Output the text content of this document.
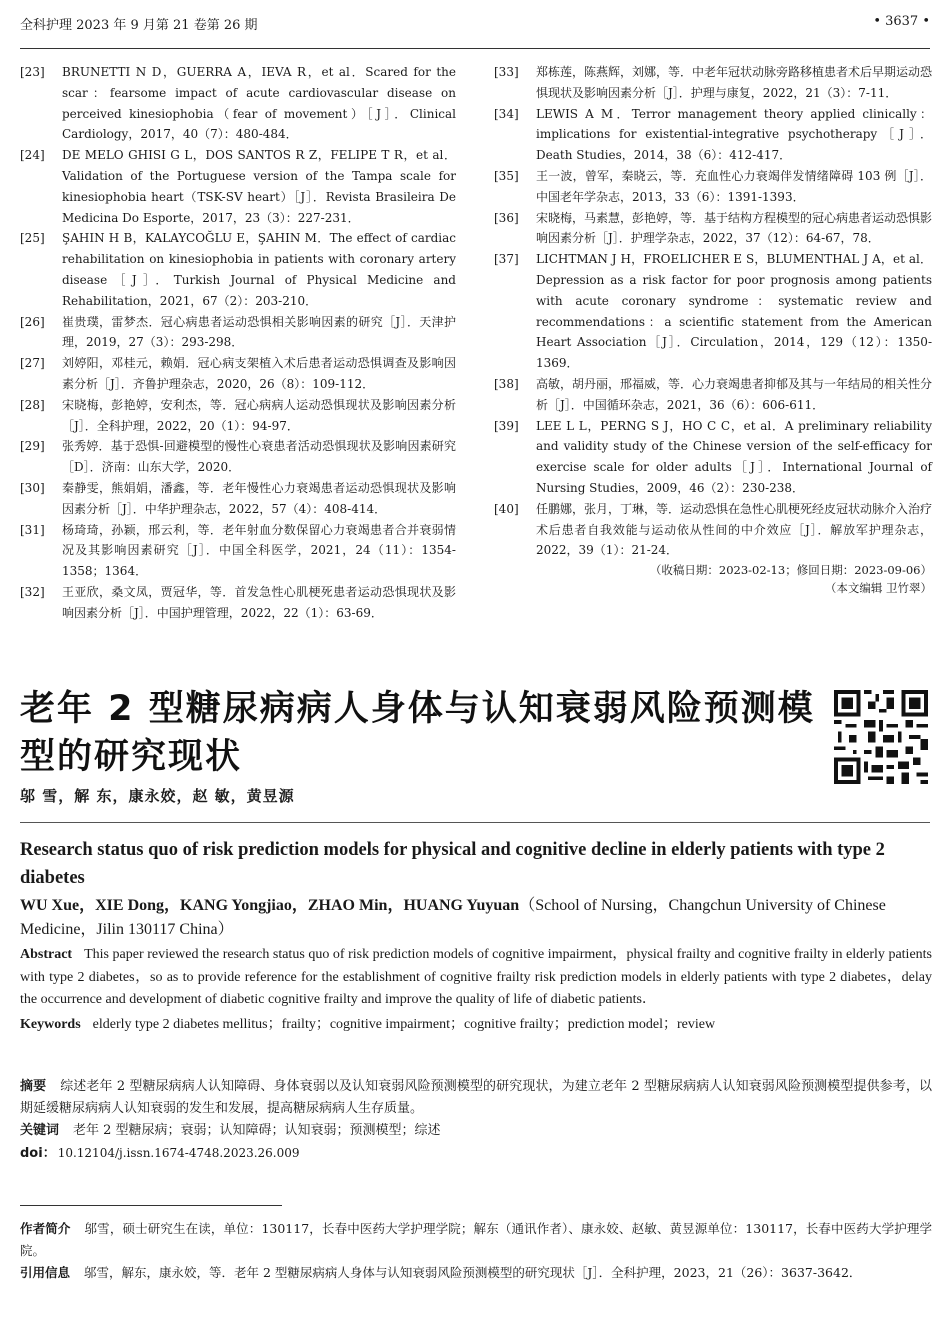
全科护理 2023 年 9 月第 21 卷第 26 期	• 3637 •
[23] BRUNETTI N D，GUERRA A，IEVA R，et al．Scared for the scar：fearsome impact of acute cardiovascular disease on perceived kinesiophobia（fear of movement）［J］．Clinical Cardiology，2017，40（7）：480-484．
[24] DE MELO GHISI G L，DOS SANTOS R Z，FELIPE T R，et al．Validation of the Portuguese version of the Tampa scale for kinesiophobia heart（TSK-SV heart）［J］．Revista Brasileira De Medicina Do Esporte，2017，23（3）：227-231．
[25] ŞAHIN H B，KALAYCOĞLU E，ŞAHIN M．The effect of cardiac rehabilitation on kinesiophobia in patients with coronary artery disease［J］．Turkish Journal of Physical Medicine and Rehabilitation，2021，67（2）：203-210．
[26] 崔贵璞，雷梦杰．冠心病患者运动恐惧相关影响因素的研究［J］．天津护理，2019，27（3）：293-298．
[27] 刘婷阳，邓桂元，赖娟．冠心病支架植入术后患者运动恐惧调查及影响因素分析［J］．齐鲁护理杂志，2020，26（8）：109-112．
[28] 宋晓梅，彭艳婷，安利杰，等．冠心病病人运动恐惧现状及影响因素分析［J］．全科护理，2022，20（1）：94-97．
[29] 张秀婷．基于恐惧-回避模型的慢性心衰患者活动恐惧现状及影响因素研究［D］．济南：山东大学，2020．
[30] 秦静雯，熊娟娟，潘鑫，等．老年慢性心力衰竭患者运动恐惧现状及影响因素分析［J］．中华护理杂志，2022，57（4）：408-414．
[31] 杨琦琦，孙颖，邢云利，等．老年射血分数保留心力衰竭患者合并衰弱情况及其影响因素研究［J］．中国全科医学，2021，24（11）：1354-1358；1364．
[32] 王亚欣，桑文凤，贾冠华，等．首发急性心肌梗死患者运动恐惧现状及影响因素分析［J］．中国护理管理，2022，22（1）：63-69．
[33] 郑栋莲，陈燕辉，刘娜，等．中老年冠状动脉旁路移植患者术后早期运动恐惧现状及影响因素分析［J］．护理与康复，2022，21（3）：7-11．
[34] LEWIS A M．Terror management theory applied clinically：implications for existential-integrative psychotherapy［J］．Death Studies，2014，38（6）：412-417．
[35] 王一波，曾军，秦晓云，等．充血性心力衰竭伴发情绪障碍 103 例［J］．中国老年学杂志，2013，33（6）：1391-1393．
[36] 宋晓梅，马素慧，彭艳婷，等．基于结构方程模型的冠心病患者运动恐惧影响因素分析［J］．护理学杂志，2022，37（12）：64-67，78．
[37] LICHTMAN J H，FROELICHER E S，BLUMENTHAL J A，et al．Depression as a risk factor for poor prognosis among patients with acute coronary syndrome：systematic review and recommendations：a scientific statement from the American Heart Association［J］．Circulation，2014，129（12）：1350-1369．
[38] 高敏，胡丹丽，邢福威，等．心力衰竭患者抑郁及其与一年结局的相关性分析［J］．中国循环杂志，2021，36（6）：606-611．
[39] LEE L L，PERNG S J，HO C C，et al．A preliminary reliability and validity study of the Chinese version of the self-efficacy for exercise scale for older adults［J］．International Journal of Nursing Studies，2009，46（2）：230-238．
[40] 任鹏娜，张月，丁琳，等．运动恐惧在急性心肌梗死经皮冠状动脉介入治疗术后患者自我效能与运动依从性间的中介效应［J］．解放军护理杂志，2022，39（1）：21-24．
（收稿日期：2023-02-13；修回日期：2023-09-06）
（本文编辑 卫竹翠）
老年 2 型糖尿病病人身体与认知衰弱风险预测模型的研究现状
邬 雪，解 东，康永姣，赵 敏，黄昱源
Research status quo of risk prediction models for physical and cognitive decline in elderly patients with type 2 diabetes
WU Xue，XIE Dong，KANG Yongjiao，ZHAO Min，HUANG Yuyuan（School of Nursing，Changchun University of Chinese Medicine，Jilin 130117 China）
Abstract This paper reviewed the research status quo of risk prediction models of cognitive impairment，physical frailty and cognitive frailty in elderly patients with type 2 diabetes，so as to provide reference for the establishment of cognitive frailty risk prediction models in elderly patients with type 2 diabetes，delay the occurrence and development of diabetic cognitive frailty and improve the quality of life of diabetic patients．
Keywords elderly type 2 diabetes mellitus；frailty；cognitive impairment；cognitive frailty；prediction model；review
摘要 综述老年 2 型糖尿病病人认知障碍、身体衰弱以及认知衰弱风险预测模型的研究现状，为建立老年 2 型糖尿病病人认知衰弱风险预测模型提供参考，以期延缓糖尿病病人认知衰弱的发生和发展，提高糖尿病病人生存质量。
关键词 老年 2 型糖尿病；衰弱；认知障碍；认知衰弱；预测模型；综述
doi： 10.12104/j.issn.1674-4748.2023.26.009
作者简介 邬雪，硕士研究生在读，单位：130117，长春中医药大学护理学院；解东（通讯作者）、康永姣、赵敏、黄昱源单位：130117，长春中医药大学护理学院。
引用信息 邬雪，解东，康永姣，等．老年 2 型糖尿病病人身体与认知衰弱风险预测模型的研究现状［J］．全科护理，2023，21（26）：3637-3642．
